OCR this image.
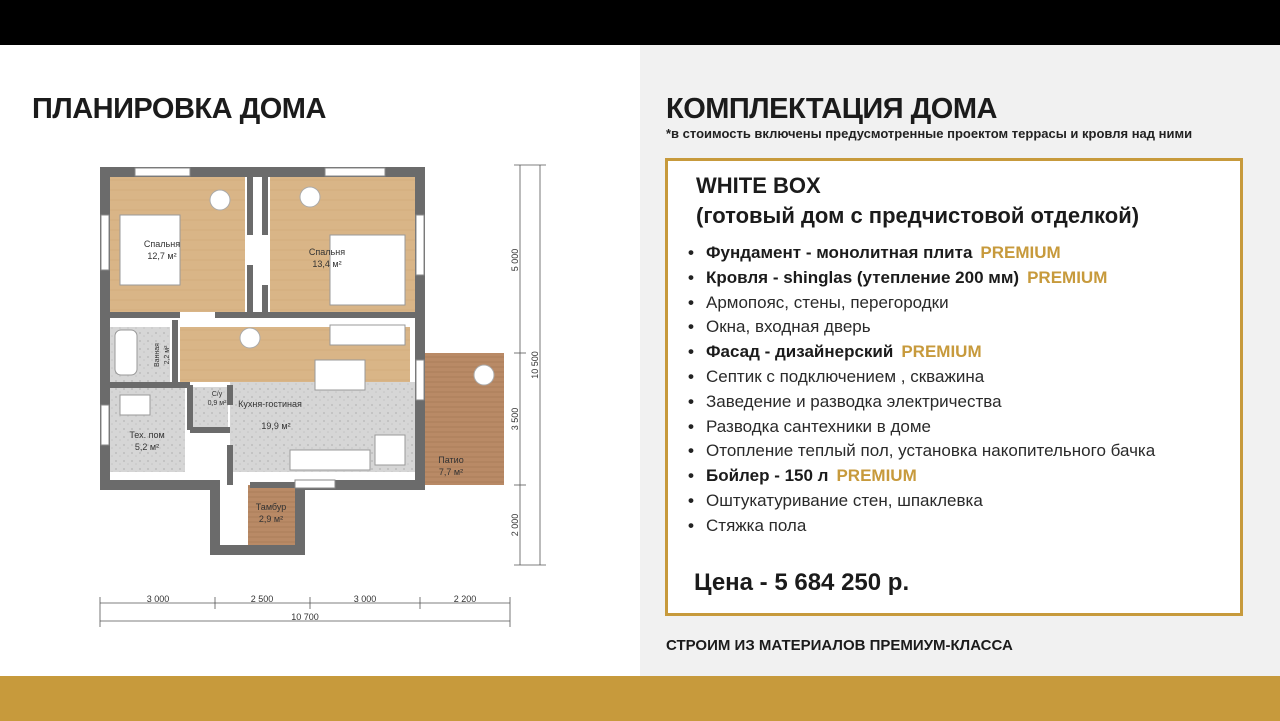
ПЛАНИРОВКА ДОМА
Спальня
12,7 м²	Спальня
13,4 м²
Ванная 2,2 м²
С/у
0,9 м² Кухня-гостиная
19,9 м²
Тех. пом
5,2 м²
Патио
7,7 м²
Тамбур
2,9 м²
3 000	2 500	3 000	2 200
10 700
5 000
3 500
2 000
10 500
КОМПЛЕКТАЦИЯ ДОМА
*в стоимость включены предусмотренные проектом террасы и кровля над ними
WHITE BOX
(готовый дом с предчистовой отделкой)
• Фундамент - монолитная плита PREMIUM
• Кровля - shinglas (утепление 200 мм) PREMIUM
• Армопояс, стены, перегородки
• Окна, входная дверь
• Фасад - дизайнерский PREMIUM
• Септик с подключением , скважина
• Заведение и разводка электричества
• Разводка сантехники в доме
• Отопление теплый пол, установка накопительного бачка
• Бойлер - 150 л PREMIUM
• Оштукатуривание стен, шпаклевка
• Стяжка пола
Цена - 5 684 250 р.
СТРОИМ ИЗ МАТЕРИАЛОВ ПРЕМИУМ-КЛАССА
